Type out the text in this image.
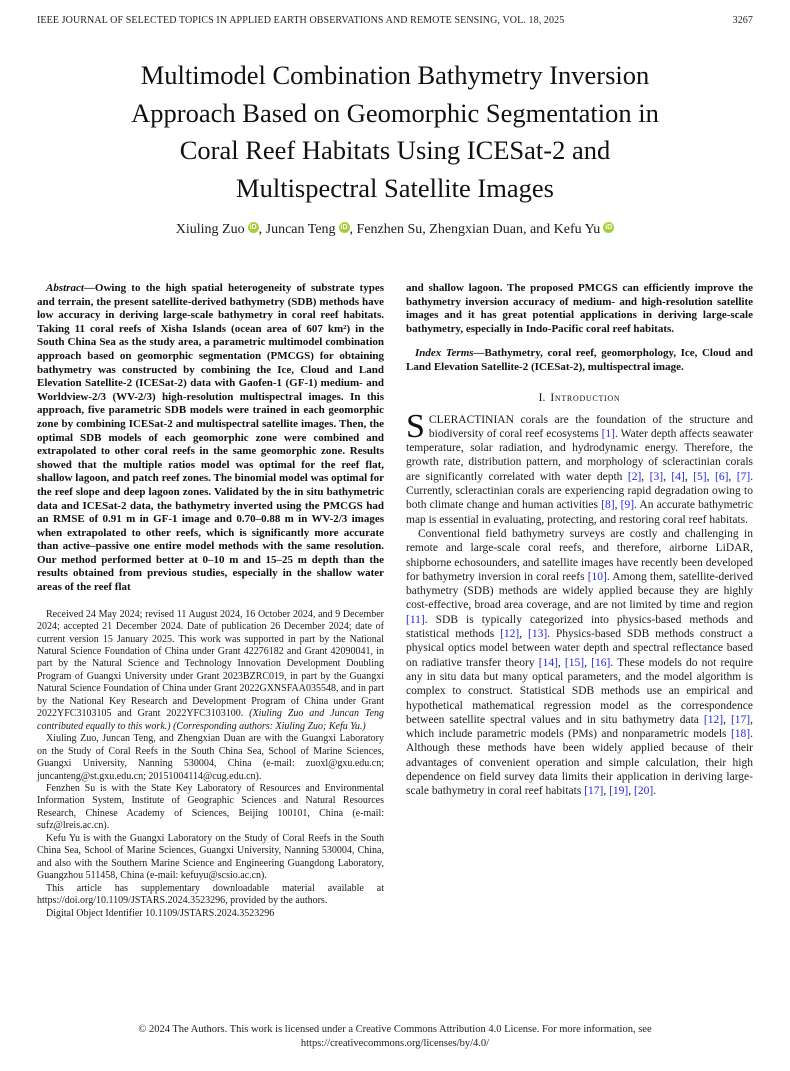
IEEE JOURNAL OF SELECTED TOPICS IN APPLIED EARTH OBSERVATIONS AND REMOTE SENSING, VOL. 18, 2025	3267
Multimodel Combination Bathymetry Inversion
Approach Based on Geomorphic Segmentation in
Coral Reef Habitats Using ICESat-2 and
Multispectral Satellite Images
Xiuling Zuo iD , Juncan Teng iD , Fenzhen Su, Zhengxian Duan, and Kefu Yu iD

Abstract—Owing to the high spatial heterogeneity of substrate types and terrain, the present satellite-derived bathymetry (SDB) methods have low accuracy in deriving large-scale bathymetry in coral reef habitats. Taking 11 coral reefs of Xisha Islands (ocean area of 607 km²) in the South China Sea as the study area, a parametric multimodel combination approach based on geomorphic segmentation (PMCGS) for obtaining bathymetry was constructed by combining the Ice, Cloud and Land Elevation Satellite-2 (ICESat-2) data with Gaofen-1 (GF-1) medium- and Worldview-2/3 (WV-2/3) high-resolution multispectral images. In this approach, five parametric SDB models were trained in each geomorphic zone by combining ICESat-2 and multispectral satellite images. Then, the optimal SDB models of each geomorphic zone were combined and extrapolated to other coral reefs in the same geomorphic zone. Results showed that the multiple ratios model was optimal for the reef flat, shallow lagoon, and patch reef zones. The binomial model was optimal for the reef slope and deep lagoon zones. Validated by the in situ bathymetric data and ICESat-2 data, the bathymetry inverted using the PMCGS had an RMSE of 0.91 m in GF-1 image and 0.70–0.88 m in WV-2/3 images when extrapolated to other reefs, which is significantly more accurate than active–passive one entire model methods with the same resolution. Our method performed better at 0–10 m and 15–25 m depth than the results obtained from previous studies, especially in the shallow water areas of the reef flat

Received 24 May 2024; revised 11 August 2024, 16 October 2024, and 9 December 2024; accepted 21 December 2024. Date of publication 26 December 2024; date of current version 15 January 2025. This work was supported in part by the National Natural Science Foundation of China under Grant 42276182 and Grant 42090041, in part by the Natural Science and Technology Innovation Development Doubling Program of Guangxi University under Grant 2023BZRC019, in part by the Guangxi Natural Science Foundation of China under Grant 2022GXNSFAA035548, and in part by the National Key Research and Development Program of China under Grant 2022YFC3103105 and Grant 2022YFC3103100. (Xiuling Zuo and Juncan Teng contributed equally to this work.) (Corresponding authors: Xiuling Zuo; Kefu Yu.)

Xiuling Zuo, Juncan Teng, and Zhengxian Duan are with the Guangxi Laboratory on the Study of Coral Reefs in the South China Sea, School of Marine Sciences, Guangxi University, Nanning 530004, China (e-mail: zuoxl@gxu.edu.cn; juncanteng@st.gxu.edu.cn; 20151004114@cug.edu.cn).

Fenzhen Su is with the State Key Laboratory of Resources and Environmental Information System, Institute of Geographic Sciences and Natural Resources Research, Chinese Academy of Sciences, Beijing 100101, China (e-mail: sufz@lreis.ac.cn).

Kefu Yu is with the Guangxi Laboratory on the Study of Coral Reefs in the South China Sea, School of Marine Sciences, Guangxi University, Nanning 530004, China, and also with the Southern Marine Science and Engineering Guangdong Laboratory, Guangzhou 511458, China (e-mail: kefuyu@scsio.ac.cn).

This article has supplementary downloadable material available at https://doi.org/10.1109/JSTARS.2024.3523296, provided by the authors.

Digital Object Identifier 10.1109/JSTARS.2024.3523296

and shallow lagoon. The proposed PMCGS can efficiently improve the bathymetry inversion accuracy of medium- and high-resolution satellite images and it has great potential applications in deriving large-scale bathymetry, especially in Indo-Pacific coral reef habitats.

Index Terms—Bathymetry, coral reef, geomorphology, Ice, Cloud and Land Elevation Satellite-2 (ICESat-2), multispectral image.

I. Introduction

SCLERACTINIAN corals are the foundation of the structure and biodiversity of coral reef ecosystems [1]. Water depth affects seawater temperature, solar radiation, and hydrodynamic energy. Therefore, the growth rate, distribution pattern, and morphology of scleractinian corals are significantly correlated with water depth [2], [3], [4], [5], [6], [7]. Currently, scleractinian corals are experiencing rapid degradation owing to both climate change and human activities [8], [9]. An accurate bathymetric map is essential in evaluating, protecting, and restoring coral reef habitats.

Conventional field bathymetry surveys are costly and challenging in remote and large-scale coral reefs, and therefore, airborne LiDAR, shipborne echosounders, and satellite images have recently been developed for bathymetry inversion in coral reefs [10]. Among them, satellite-derived bathymetry (SDB) methods are widely applied because they are highly cost-effective, broad area coverage, and are not limited by time and region [11]. SDB is typically categorized into physics-based methods and statistical methods [12], [13]. Physics-based SDB methods construct a physical optics model between water depth and spectral reflectance based on radiative transfer theory [14], [15], [16]. These models do not require any in situ data but many optical parameters, and the model algorithm is complex to construct. Statistical SDB methods use an empirical and hypothetical mathematical regression model as the correspondence between satellite spectral values and in situ bathymetry data [12], [17], which include parametric models (PMs) and nonparametric models [18]. Although these methods have been widely applied because of their advantages of convenient operation and simple calculation, their high dependence on field survey data limits their application in deriving large-scale bathymetry in coral reef habitats [17], [19], [20].

© 2024 The Authors. This work is licensed under a Creative Commons Attribution 4.0 License. For more information, see
https://creativecommons.org/licenses/by/4.0/
